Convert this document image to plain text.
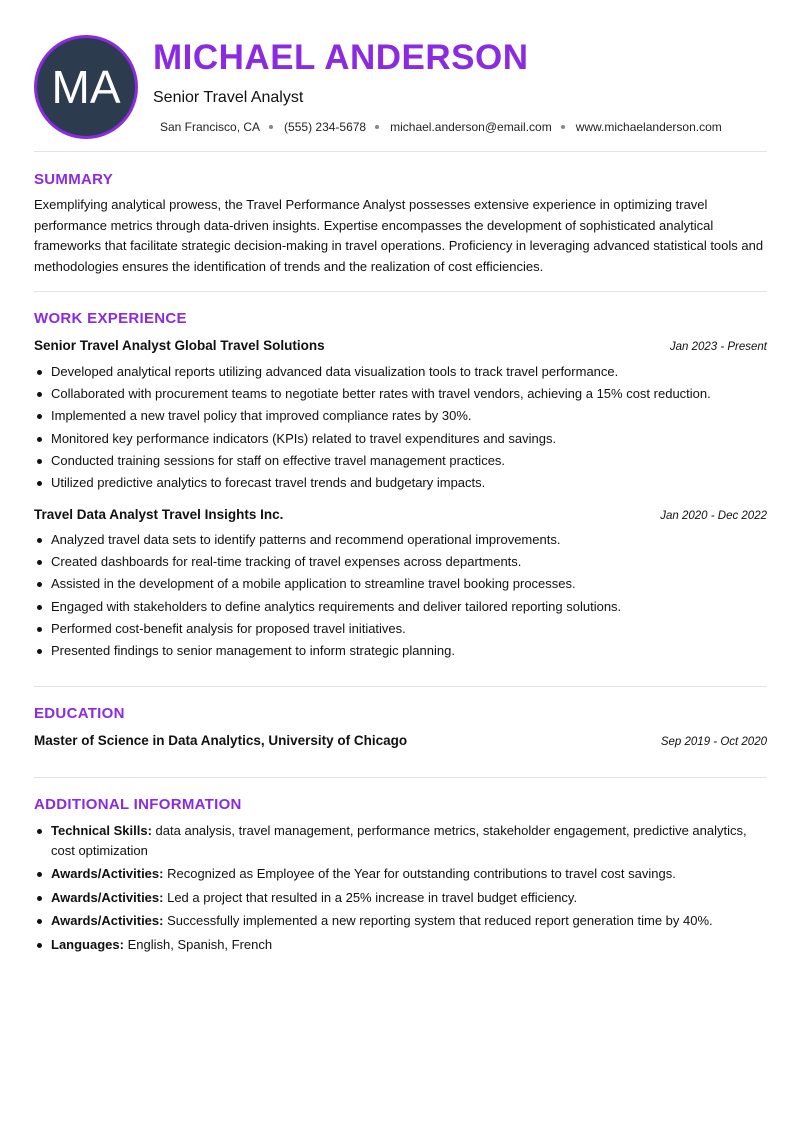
MA
MICHAEL ANDERSON
Senior Travel Analyst
San Francisco, CA (555) 234-5678 michael.anderson@email.com www.michaelanderson.com
SUMMARY

Exemplifying analytical prowess, the Travel Performance Analyst possesses extensive experience in optimizing travel performance metrics through data-driven insights. Expertise encompasses the development of sophisticated analytical frameworks that facilitate strategic decision-making in travel operations. Proficiency in leveraging advanced statistical tools and methodologies ensures the identification of trends and the realization of cost efficiencies.

WORK EXPERIENCE
Senior Travel Analyst Global Travel Solutions	Jan 2023 - Present
Developed analytical reports utilizing advanced data visualization tools to track travel performance.
Collaborated with procurement teams to negotiate better rates with travel vendors, achieving a 15% cost reduction.
Implemented a new travel policy that improved compliance rates by 30%.
Monitored key performance indicators (KPIs) related to travel expenditures and savings.
Conducted training sessions for staff on effective travel management practices.
Utilized predictive analytics to forecast travel trends and budgetary impacts.
Travel Data Analyst Travel Insights Inc.	Jan 2020 - Dec 2022
Analyzed travel data sets to identify patterns and recommend operational improvements.
Created dashboards for real-time tracking of travel expenses across departments.
Assisted in the development of a mobile application to streamline travel booking processes.
Engaged with stakeholders to define analytics requirements and deliver tailored reporting solutions.
Performed cost-benefit analysis for proposed travel initiatives.
Presented findings to senior management to inform strategic planning.
EDUCATION
Master of Science in Data Analytics, University of Chicago	Sep 2019 - Oct 2020
ADDITIONAL INFORMATION
Technical Skills: data analysis, travel management, performance metrics, stakeholder engagement, predictive analytics, cost optimization
Awards/Activities: Recognized as Employee of the Year for outstanding contributions to travel cost savings.
Awards/Activities: Led a project that resulted in a 25% increase in travel budget efficiency.
Awards/Activities: Successfully implemented a new reporting system that reduced report generation time by 40%.
Languages: English, Spanish, French
